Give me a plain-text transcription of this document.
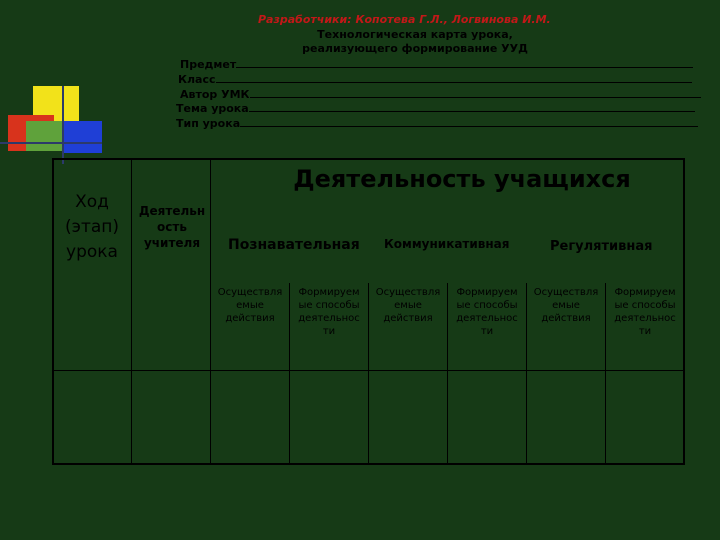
Разработчики: Копотева Г.Л., Логвинова И.М.
Технологическая карта урока,
реализующего формирование УУД
Предмет
Класс
Автор УМК
Тема урока
Тип урока
Ход
(этап)
урока
Деятельн
ость
учителя
Деятельность учащихся
Познавательная Коммуникативная	Регулятивная
Осуществля
емые
действия
Формируем
ые способы
деятельнос
ти
Осуществля
емые
действия
Формируем
ые способы
деятельнос
ти
Осуществля
емые
действия
Формируем
ые способы
деятельнос
ти
